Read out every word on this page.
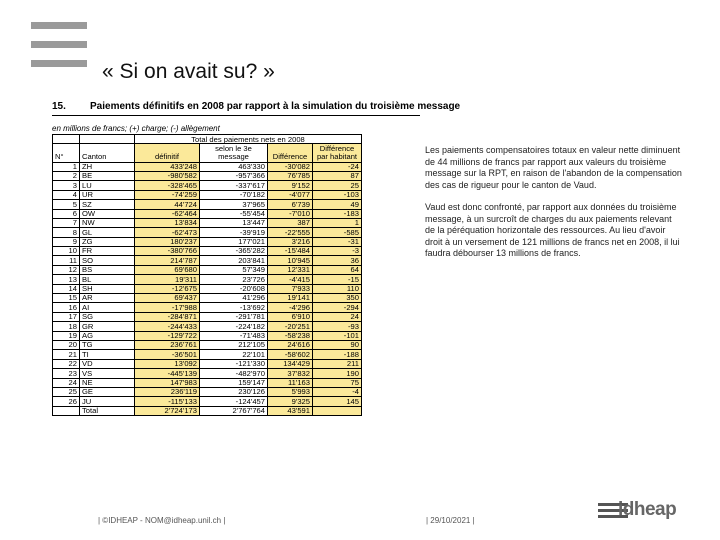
« Si on avait su? »
15. Paiements définitifs en 2008 par rapport à la simulation du troisième message
en millions de francs; (+) charge; (-) allègement
		Total des paiements nets en 2008			
N°	Canton	définitif	selon le 3e message	Différence	Différence par habitant
1	ZH	433'248	463'330	-30'082	-24
2	BE	-980'582	-957'366	76'785	87
3	LU	-328'465	-337'617	9'152	25
4	UR	-74'259	-70'182	-4'077	-103
5	SZ	44'724	37'965	6'739	49
6	OW	-62'464	-55'454	-7'010	-183
7	NW	13'834	13'447	387	1
8	GL	-62'473	-39'919	-22'555	-585
9	ZG	180'237	177'021	3'216	-31
10	FR	-380'766	-365'282	-15'484	-3
11	SO	214'787	203'841	10'945	36
12	BS	69'680	57'349	12'331	64
13	BL	19'311	23'726	-4'415	-15
14	SH	-12'675	-20'608	7'933	110
15	AR	69'437	41'296	19'141	350
16	AI	-17'988	-13'692	-4'296	-294
17	SG	-284'871	-291'781	6'910	24
18	GR	-244'433	-224'182	-20'251	-93
19	AG	-129'722	-71'483	-58'238	-101
20	TG	236'761	212'105	24'616	90
21	TI	-36'501	22'101	-58'602	-188
22	VD	13'092	-121'330	134'429	211
23	VS	-445'139	-482'970	37'832	190
24	NE	147'983	159'147	11'163	75
25	GE	236'119	230'126	5'993	-4
26	JU	-115'133	-124'457	9'325	145
	Total	2'724'173	2'767'764	43'591	

Les paiements compensatoires totaux en valeur nette diminuent de 44 millions de francs par rapport aux valeurs du troisième message sur la RPT, en raison de l'abandon de la compensation des cas de rigueur pour le canton de Vaud.

Vaud est donc confronté, par rapport aux données du troisième message, à un surcroît de charges du aux paiements relevant de la péréquation horizontale des ressources. Au lieu d'avoir droit à un versement de 121 millions de francs net en 2008, il lui faudra débourser 13 millions de francs.

| ©IDHEAP - NOM@idheap.unil.ch |	| 29/10/2021 |
idheap
